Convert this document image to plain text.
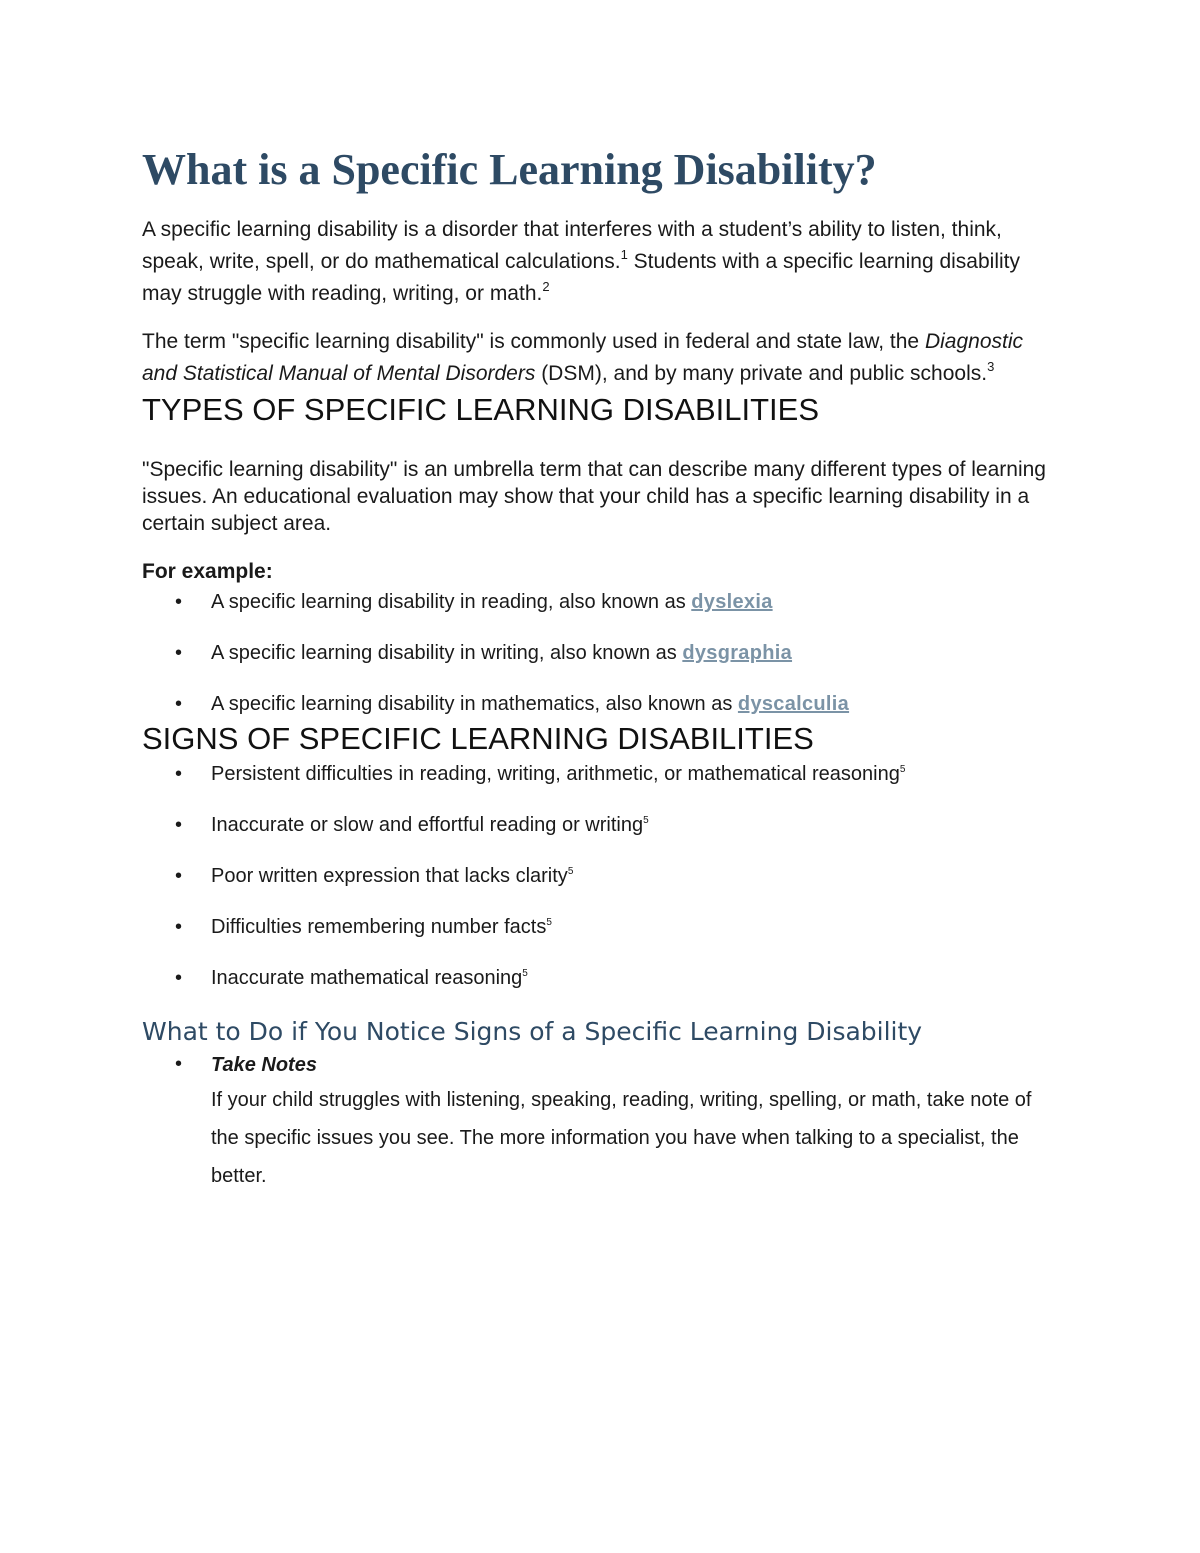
What is a Specific Learning Disability?

A specific learning disability is a disorder that interferes with a student’s ability to listen, think, speak, write, spell, or do mathematical calculations.$^1$ Students with a specific learning disability may struggle with reading, writing, or math.$^2$

The term "specific learning disability" is commonly used in federal and state law, the Diagnostic and Statistical Manual of Mental Disorders (DSM), and by many private and public schools.$^3$

TYPES OF SPECIFIC LEARNING DISABILITIES

"Specific learning disability" is an umbrella term that can describe many different types of learning issues. An educational evaluation may show that your child has a specific learning disability in a certain subject area.

For example:

• A specific learning disability in reading, also known as dyslexia
• A specific learning disability in writing, also known as dysgraphia
• A specific learning disability in mathematics, also known as dyscalculia
SIGNS OF SPECIFIC LEARNING DISABILITIES
• Persistent difficulties in reading, writing, arithmetic, or mathematical reasoning$^5$
• Inaccurate or slow and effortful reading or writing$^5$
• Poor written expression that lacks clarity$^5$
• Difficulties remembering number facts$^5$
• Inaccurate mathematical reasoning$^5$
What to Do if You Notice Signs of a Specific Learning Disability
• Take Notes
If your child struggles with listening, speaking, reading, writing, spelling, or math, take note of the specific issues you see. The more information you have when talking to a specialist, the better.
